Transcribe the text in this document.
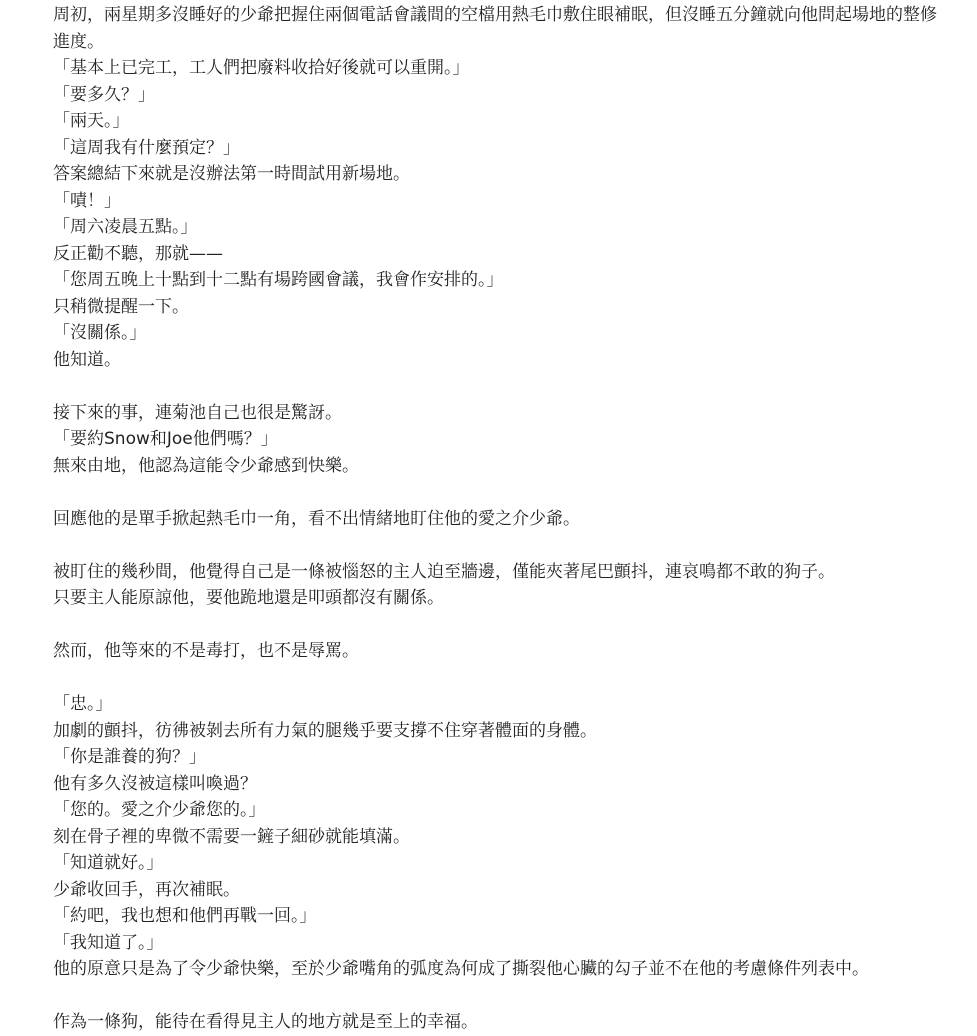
周初，兩星期多沒睡好的少爺把握住兩個電話會議間的空檔用熱毛巾敷住眼補眠，但沒睡五分鐘就向他問起場地的整修進度。

「基本上已完工，工人們把廢料收拾好後就可以重開。」

「要多久？」

「兩天。」

「這周我有什麼預定？」

答案總結下來就是沒辦法第一時間試用新場地。

「嘖！」

「周六凌晨五點。」

反正勸不聽，那就——

「您周五晚上十點到十二點有場跨國會議，我會作安排的。」

只稍微提醒一下。

「沒關係。」

他知道。

接下來的事，連菊池自己也很是驚訝。

「要約Snow和Joe他們嗎？」

無來由地，他認為這能令少爺感到快樂。

回應他的是單手掀起熱毛巾一角，看不出情緒地盯住他的愛之介少爺。

被盯住的幾秒間，他覺得自己是一條被惱怒的主人迫至牆邊，僅能夾著尾巴顫抖，連哀鳴都不敢的狗子。

只要主人能原諒他，要他跪地還是叩頭都沒有關係。

然而，他等來的不是毒打，也不是辱罵。

「忠。」

加劇的顫抖，彷彿被剝去所有力氣的腿幾乎要支撐不住穿著體面的身體。

「你是誰養的狗？」

他有多久沒被這樣叫喚過？

「您的。愛之介少爺您的。」

刻在骨子裡的卑微不需要一鏟子細砂就能填滿。

「知道就好。」

少爺收回手，再次補眠。

「約吧，我也想和他們再戰一回。」

「我知道了。」

他的原意只是為了令少爺快樂，至於少爺嘴角的弧度為何成了撕裂他心臟的勾子並不在他的考慮條件列表中。

作為一條狗，能待在看得見主人的地方就是至上的幸福。
